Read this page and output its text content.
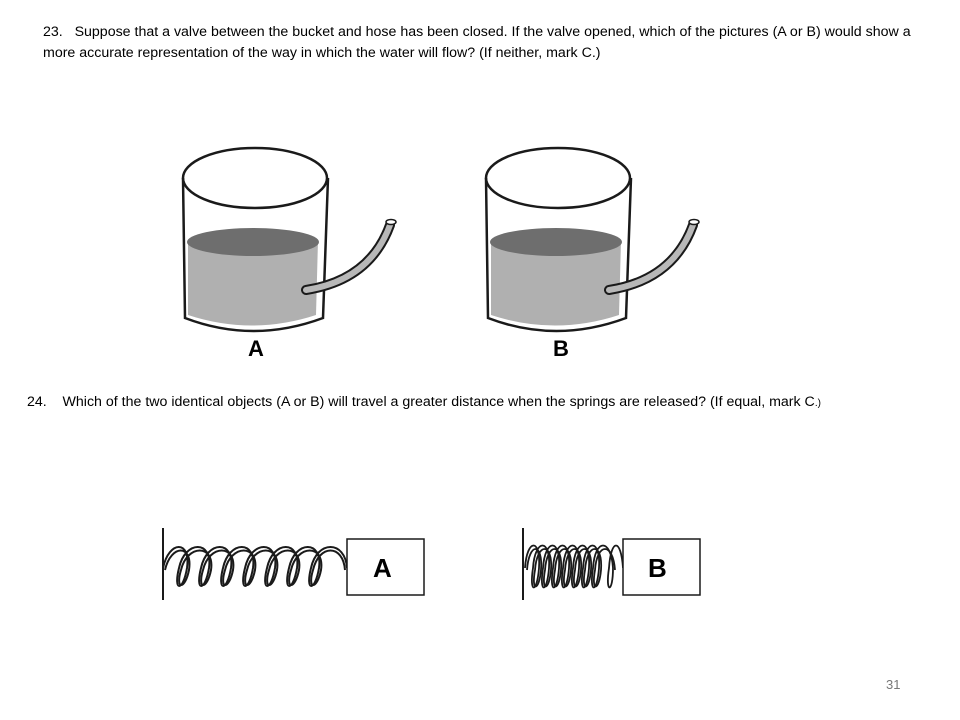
23. Suppose that a valve between the bucket and hose has been closed. If the valve opened, which of the pictures (A or B) would show a more accurate representation of the way in which the water will flow? (If neither, mark C.)
A	B
24. Which of the two identical objects (A or B) will travel a greater distance when the springs are released? (If equal, mark C.)
A	B
31
